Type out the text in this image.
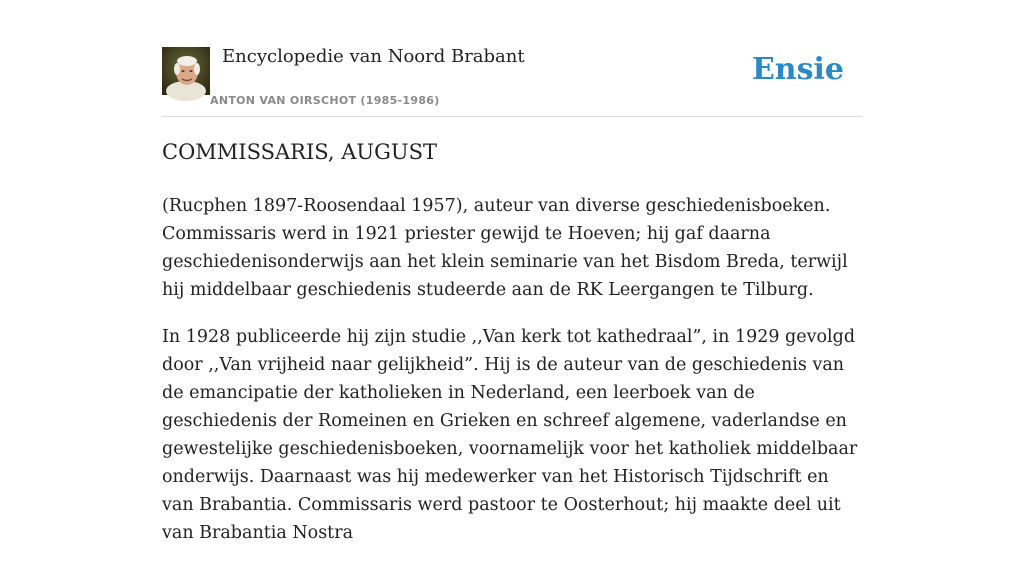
Encyclopedie van Noord Brabant
ANTON VAN OIRSCHOT (1985-1986)
Ensie
COMMISSARIS, AUGUST

(Rucphen 1897-Roosendaal 1957), auteur van diverse geschiedenisboeken. Commissaris werd in 1921 priester gewijd te Hoeven; hij gaf daarna geschiedenisonderwijs aan het klein seminarie van het Bisdom Breda, terwijl hij middelbaar geschiedenis studeerde aan de RK Leergangen te Tilburg.

In 1928 publiceerde hij zijn studie ,,Van kerk tot kathedraal”, in 1929 gevolgd door ,,Van vrijheid naar gelijkheid”. Hij is de auteur van de geschiedenis van de emancipatie der katholieken in Nederland, een leerboek van de geschiedenis der Romeinen en Grieken en schreef algemene, vaderlandse en gewestelijke geschiedenisboeken, voornamelijk voor het katholiek middelbaar onderwijs. Daarnaast was hij medewerker van het Historisch Tijdschrift en van Brabantia. Commissaris werd pastoor te Oosterhout; hij maakte deel uit van Brabantia Nostra
